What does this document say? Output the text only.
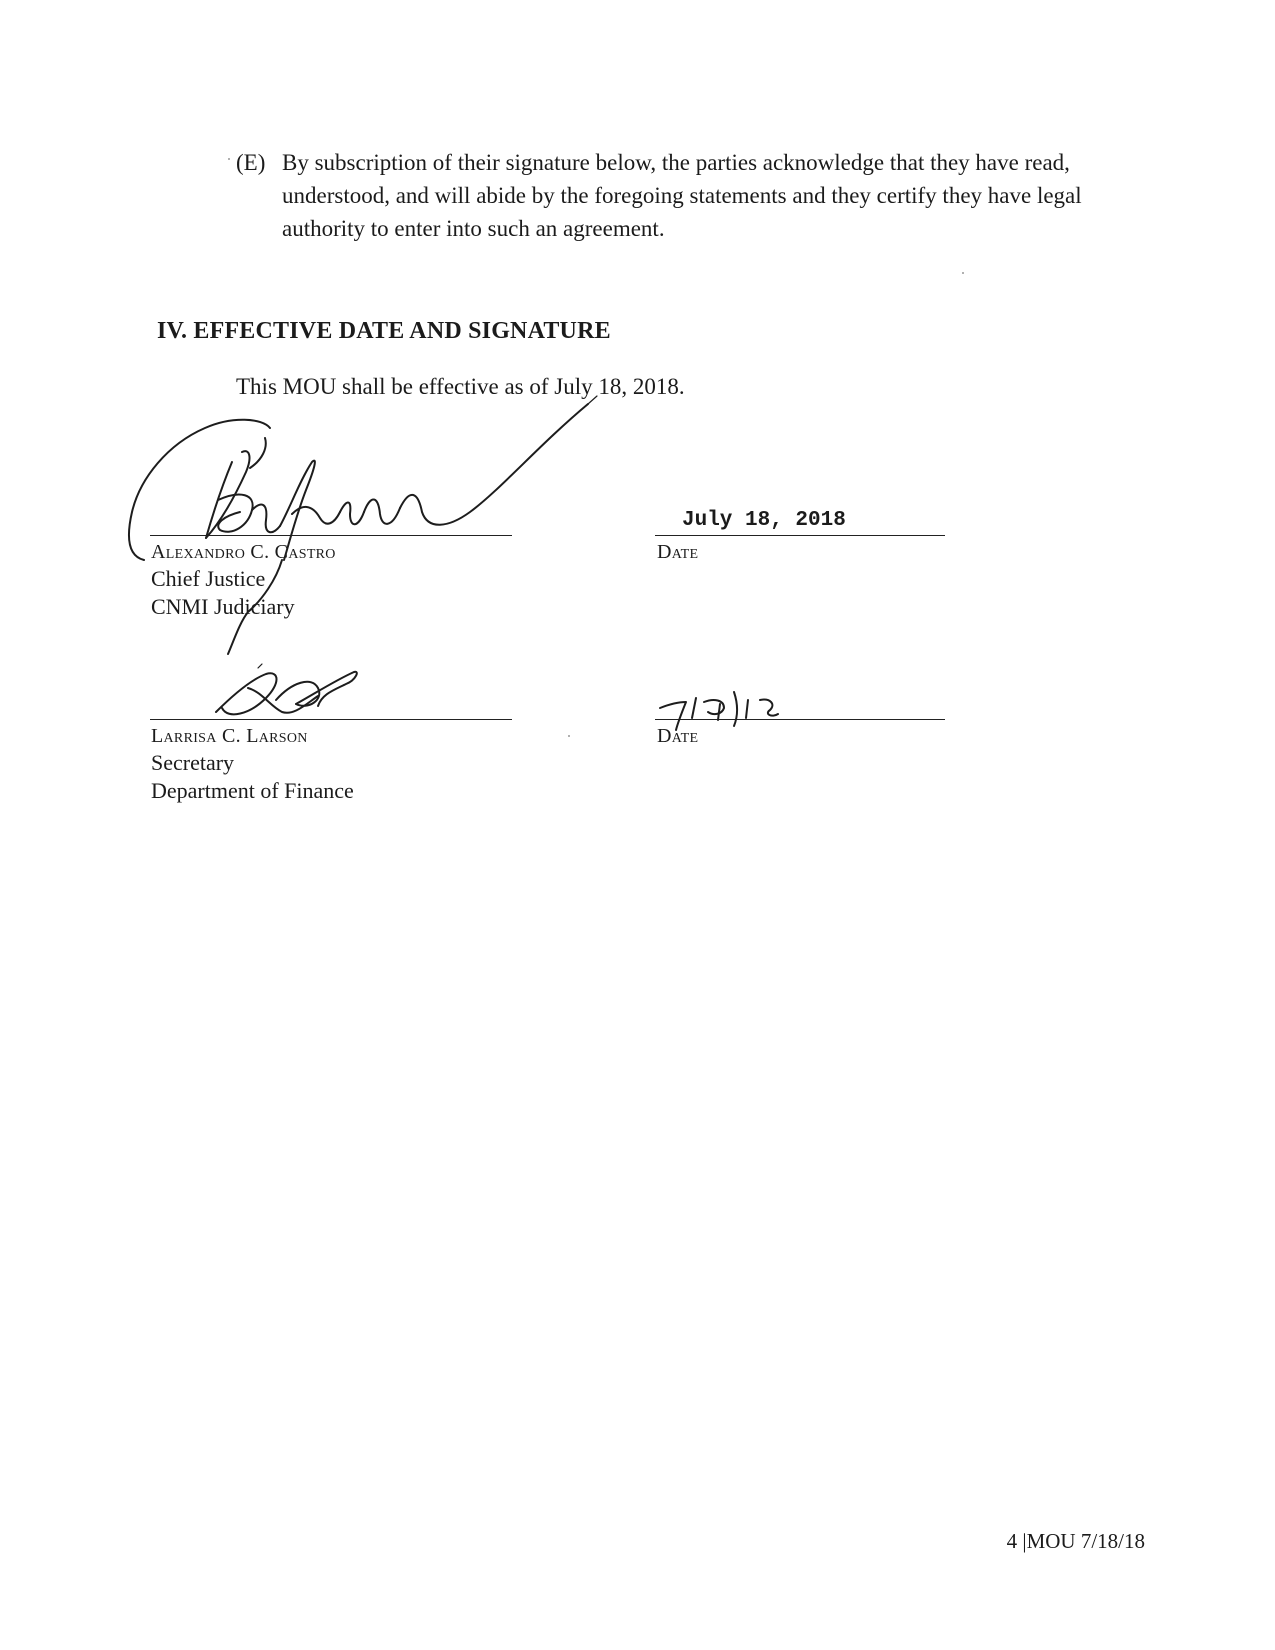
(E) By subscription of their signature below, the parties acknowledge that they have read, understood, and will abide by the foregoing statements and they certify they have legal authority to enter into such an agreement.
IV. EFFECTIVE DATE AND SIGNATURE

This MOU shall be effective as of July 18, 2018.

Alexandro C. Castro
Chief Justice
CNMI Judiciary
July 18, 2018
Date
Larrisa C. Larson
Secretary
Department of Finance
Date
4 |MOU 7/18/18
